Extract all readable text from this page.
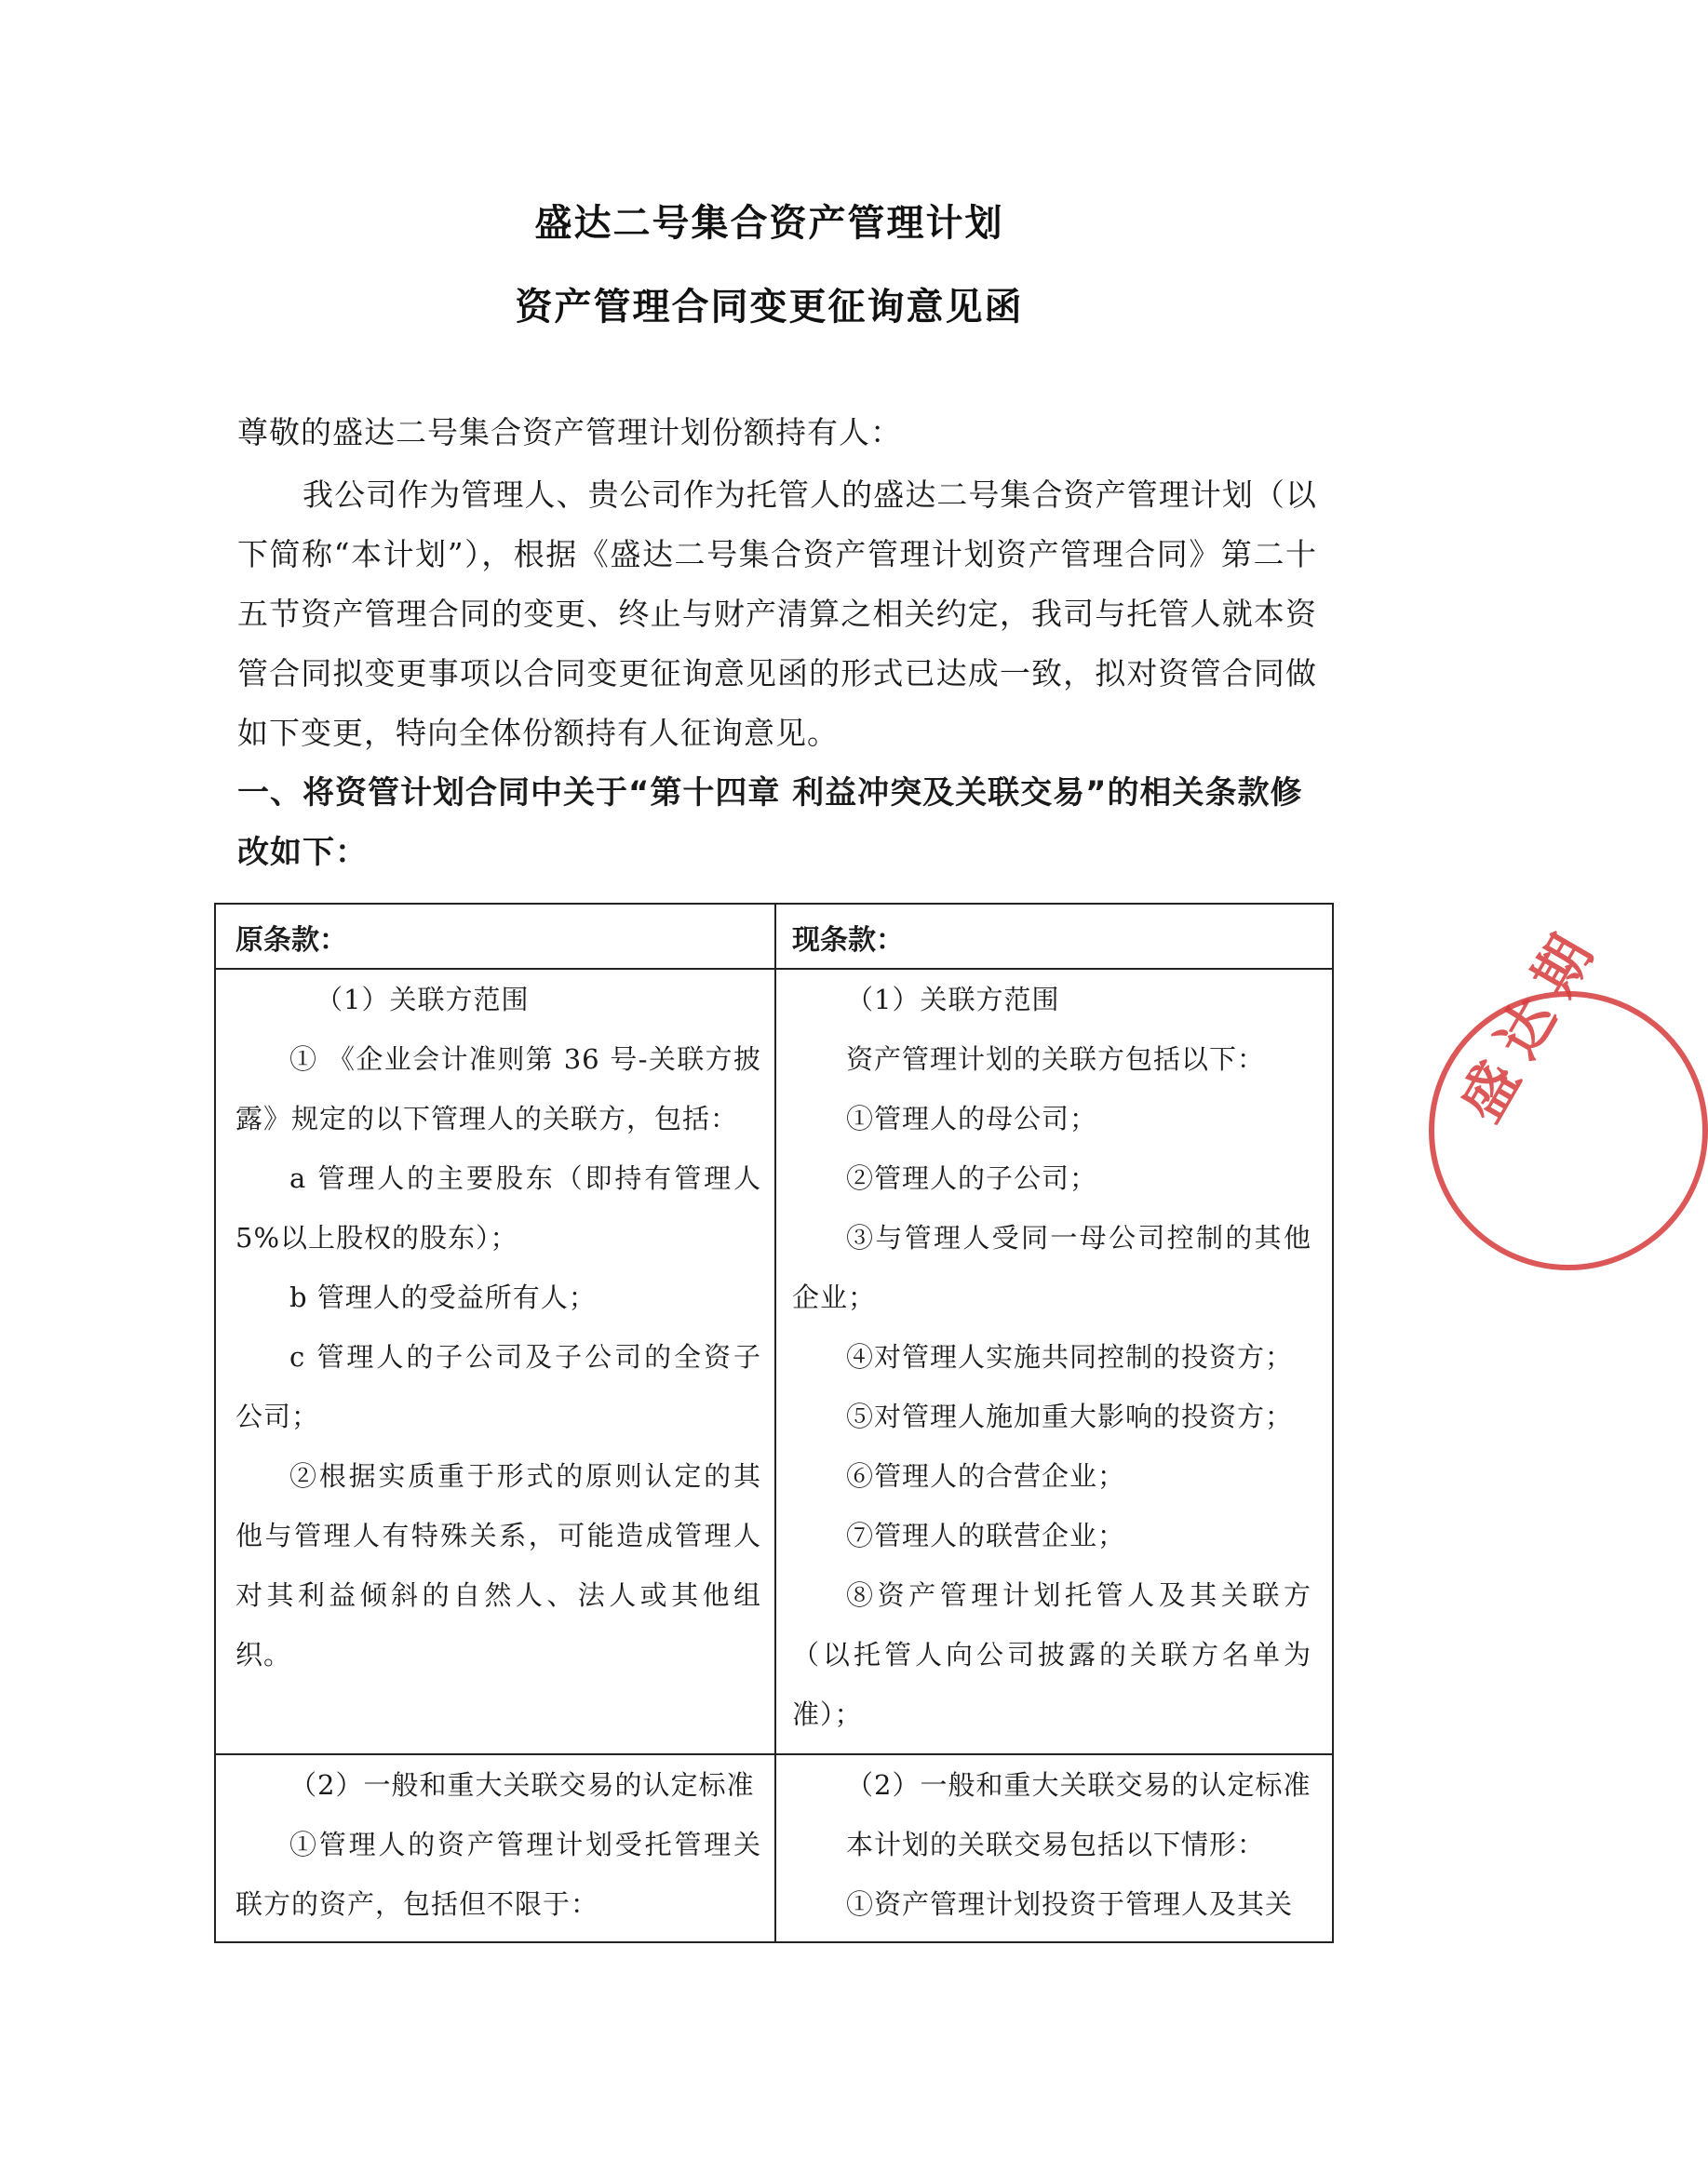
盛达二号集合资产管理计划
资产管理合同变更征询意见函
尊敬的盛达二号集合资产管理计划份额持有人：
我公司作为管理人、贵公司作为托管人的盛达二号集合资产管理计划（以下简称“本计划”），根据《盛达二号集合资产管理计划资产管理合同》第二十五节资产管理合同的变更、终止与财产清算之相关约定，我司与托管人就本资管合同拟变更事项以合同变更征询意见函的形式已达成一致，拟对资管合同做如下变更，特向全体份额持有人征询意见。
一、将资管计划合同中关于“第十四章 利益冲突及关联交易”的相关条款修改如下：
原条款：	现条款：

（1）关联方范围

① 《企业会计准则第 36 号-关联方披露》规定的以下管理人的关联方，包括：

a 管理人的主要股东（即持有管理人 5%以上股权的股东）；

b 管理人的受益所有人；

c 管理人的子公司及子公司的全资子公司；

②根据实质重于形式的原则认定的其他与管理人有特殊关系，可能造成管理人对其利益倾斜的自然人、法人或其他组织。

（1）关联方范围

资产管理计划的关联方包括以下：

①管理人的母公司；

②管理人的子公司；

③与管理人受同一母公司控制的其他企业；

④对管理人实施共同控制的投资方；

⑤对管理人施加重大影响的投资方；

⑥管理人的合营企业；

⑦管理人的联营企业；

⑧资产管理计划托管人及其关联方（以托管人向公司披露的关联方名单为准）；

（2）一般和重大关联交易的认定标准

①管理人的资产管理计划受托管理关联方的资产，包括但不限于：

（2）一般和重大关联交易的认定标准

本计划的关联交易包括以下情形：

①资产管理计划投资于管理人及其关

盛达期
